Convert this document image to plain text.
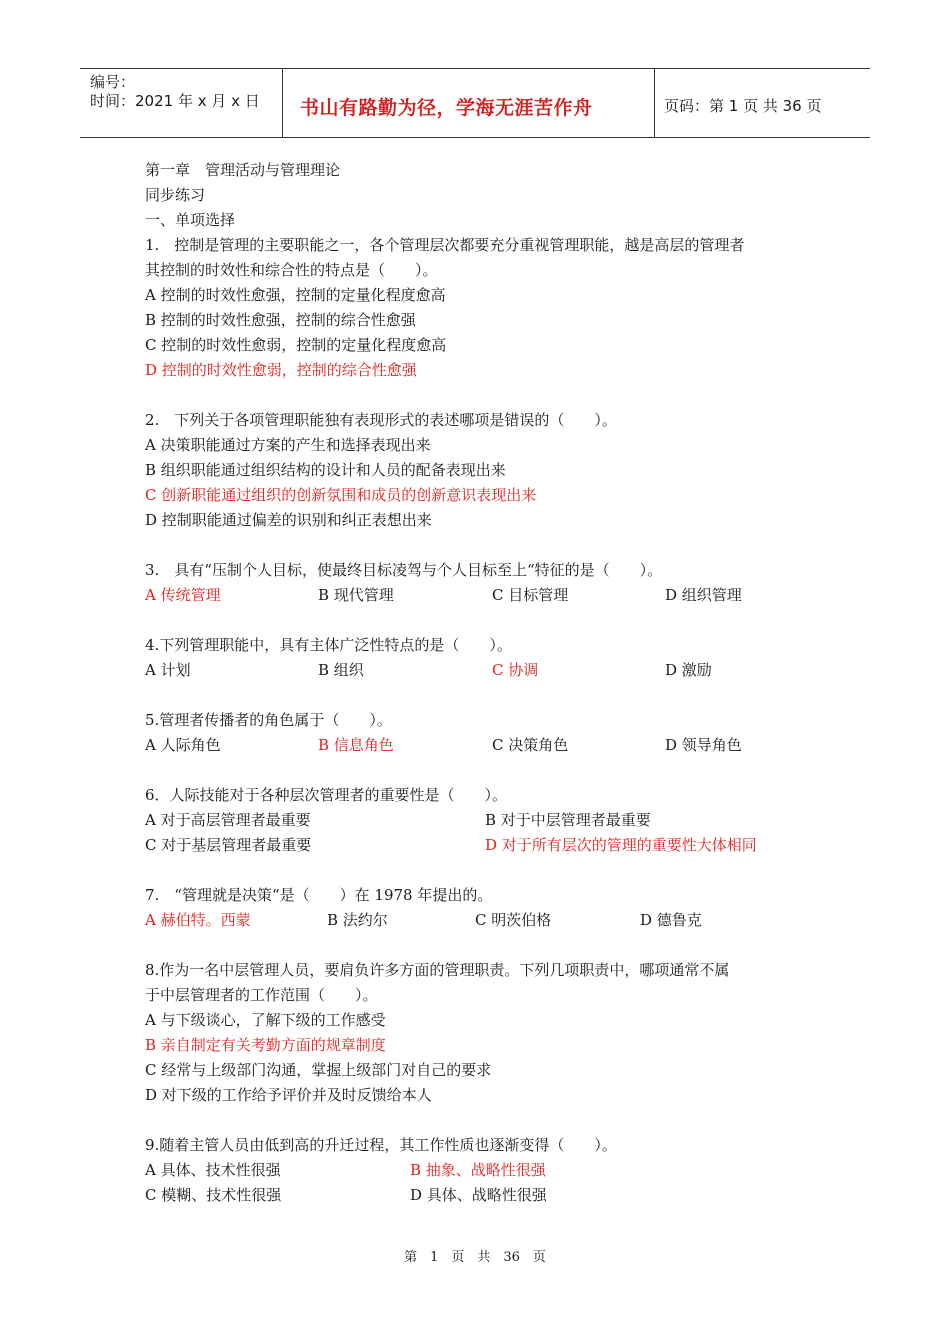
编号：
时间：2021 年 x 月 x 日 书山有路勤为径，学海无涯苦作舟	页码：第 1 页 共 36 页
第一章　管理活动与管理理论
同步练习
一、单项选择
1.　控制是管理的主要职能之一，各个管理层次都要充分重视管理职能，越是高层的管理者
其控制的时效性和综合性的特点是（　　）。
A 控制的时效性愈强，控制的定量化程度愈高
B 控制的时效性愈强，控制的综合性愈强
C 控制的时效性愈弱，控制的定量化程度愈高
D 控制的时效性愈弱，控制的综合性愈强
2.　下列关于各项管理职能独有表现形式的表述哪项是错误的（　　）。
A 决策职能通过方案的产生和选择表现出来
B 组织职能通过组织结构的设计和人员的配备表现出来
C 创新职能通过组织的创新氛围和成员的创新意识表现出来
D 控制职能通过偏差的识别和纠正表想出来
3.　具有“压制个人目标，使最终目标凌驾与个人目标至上“特征的是（　　）。
A 传统管理	B 现代管理	C 目标管理	D 组织管理
4.下列管理职能中，具有主体广泛性特点的是（　　）。
A 计划	B 组织	C 协调	D 激励
5.管理者传播者的角色属于（　　）。
A 人际角色	B 信息角色	C 决策角色	D 领导角色
6．人际技能对于各种层次管理者的重要性是（　　）。
A 对于高层管理者最重要	B 对于中层管理者最重要
C 对于基层管理者最重要	D 对于所有层次的管理的重要性大体相同
7.　“管理就是决策“是（　　）在 1978 年提出的。
A 赫伯特。西蒙	B 法约尔	C 明茨伯格	D 德鲁克
8.作为一名中层管理人员，要肩负许多方面的管理职责。下列几项职责中，哪项通常不属
于中层管理者的工作范围（　　）。
A 与下级谈心，了解下级的工作感受
B 亲自制定有关考勤方面的规章制度
C 经常与上级部门沟通，掌握上级部门对自己的要求
D 对下级的工作给予评价并及时反馈给本人
9.随着主管人员由低到高的升迁过程，其工作性质也逐渐变得（　　）。
A 具体、技术性很强	B 抽象、战略性很强
C 模糊、技术性很强	D 具体、战略性很强
第　1　页　共　36　页
